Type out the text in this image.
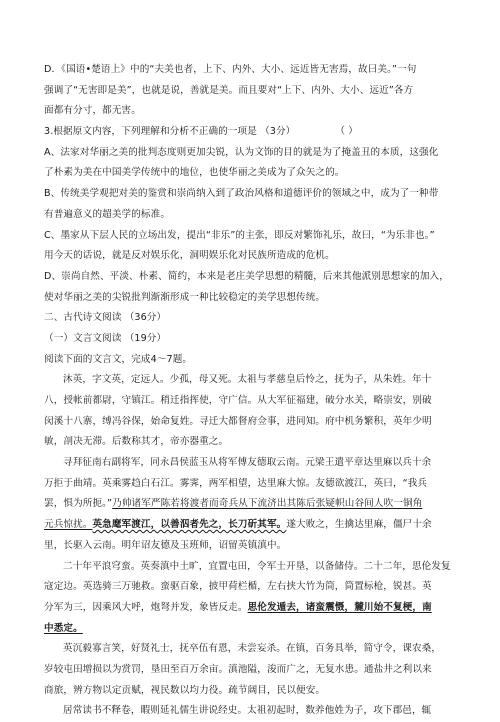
D．《国语•楚语上》中的“夫美也者，上下、内外、大小、远近皆无害焉，故曰美。”一句
强调了“无害即是美”，也就是说，善就是美。而且要对“上下、内外、大小、远近”各方
面都有分寸，都无害。
3.根据原文内容，下列理解和分析不正确的一项是 （3分）	（ ）
A、法家对华丽之美的批判态度则更加尖锐，认为文饰的目的就是为了掩盖丑的本质，这强化
了朴素为美在中国美学传统中的地位，也使华丽之美成为了众矢之的。
B、传统美学观把对美的鉴赏和崇尚纳入到了政治风格和道德评价的领域之中，成为了一种带
有普遍意义的超美学的标准。
C、墨家从下层人民的立场出发，提出“非乐”的主张，即反对繁饰礼乐，故曰，“为乐非也。”
用今天的话说，就是反对娱乐化，洞明娱乐化对民族所造成的危机。
D、崇尚自然、平淡、朴素、简约，本来是老庄美学思想的精髓，后来其他派别思想家的加入，
使对华丽之美的尖锐批判渐渐形成一种比较稳定的美学思想传统。
二、古代诗文阅读 （36分）
（一）文言文阅读 （19分）
阅读下面的文言文，完成4～7题。
沐英，字文英，定远人。少孤，母又死。太祖与孝慈皇后怜之，抚为子，从朱姓。年十
八，授帐前都尉，守镇江。稍迁指挥使，守广信。从大军征福建，破分水关，略崇安，别破
闵溪十八寨，缚冯谷保，始命复姓。寻迁大都督府佥事，进同知。府中机务繁积，英年少明
敏，剖决无滞。后数称其才，帝亦器重之。
寻拜征南右副将军，同永昌侯蓝玉从将军傅友德取云南。元梁王遣平章达里麻以兵十余
万拒于曲靖。英乘雾趋白石江。雾霁，两军相望，达里麻大惊。友德欲渡江，英曰，“我兵
罢，惧为所扼。”乃帅诸军严陈若将渡者而奇兵从下流济出其陈后张疑帜山谷间人吹一铜角
元兵惊扰。英急麾军渡江，以善泅者先之，长刀斫其军。遂大败之，生擒达里麻，僵尸十余
里，长驱入云南。明年诏友德及玉班师，诏留英镇滇中。
二十年平浪穹蛮。英奏滇中土旷，宜置屯田，令军士开垦，以备储侍。二十二年，思伦发复
寇定边。英选骑三万驰救。蛮驱百象，披甲荷栏楯，左右挟大竹为筒，筒置标枪，锐甚。英
分军为三，因乘风大呼，炮弩并发，象皆反走。思伦发遁去，诸蛮震慑，麓川始不复梗，南
中悉定。
英沉毅寡言笑，好贤礼士，抚卒伍有恩，未尝妄杀。在镇，百务具举，简守令，课农桑，
岁较屯田增损以为赏罚，垦田至百万余亩。滇池隘，浚而广之，无复水患。通盐井之利以来
商旅，辨方物以定贡赋，视民数以均力役。疏节阔目，民以便安。
居常读书不释卷，暇则延礼儒生讲说经史。太祖初起时，数养他姓为子，攻下郡邑，辄
